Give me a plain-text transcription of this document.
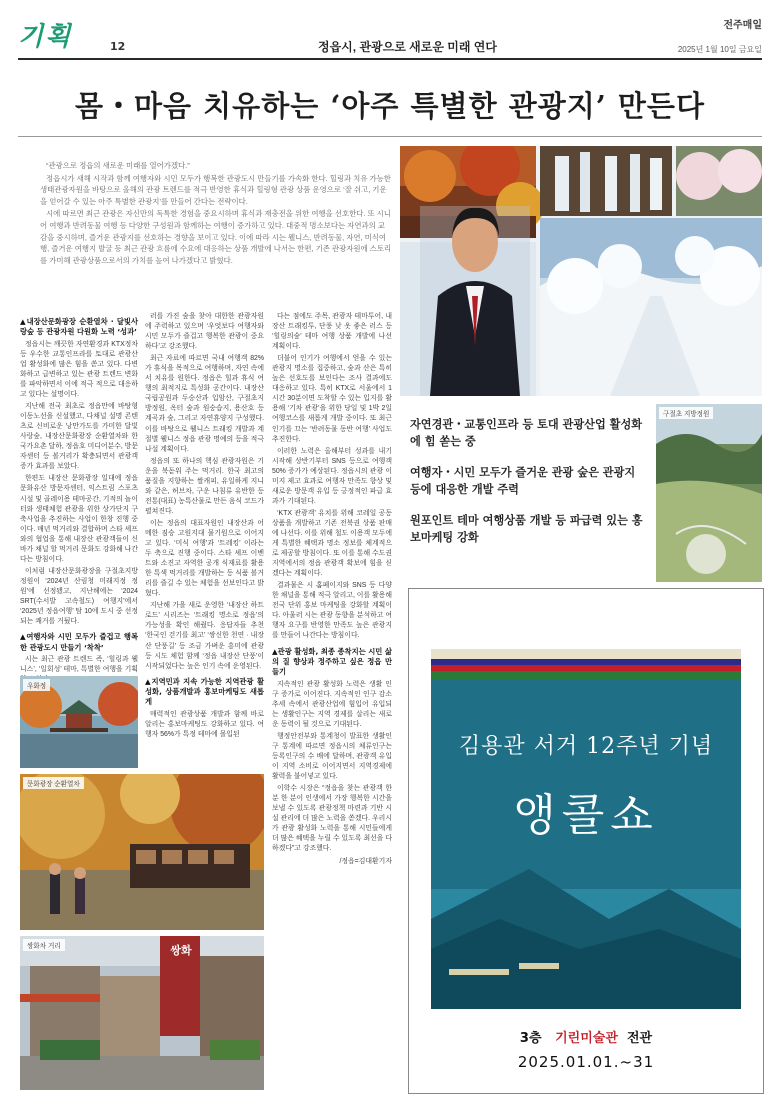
기획	12	정읍시, 관광으로 새로운 미래 연다
전주매일
2025년 1월 10일 금요일
몸・마음 치유하는 ‘아주 특별한 관광지’ 만든다

“관광으로 정읍의 새로운 미래를 열어가겠다.”

정읍시가 새해 시작과 함께 여행자와 시민 모두가 행복한 관광도시 만들기를 가속화 한다. 힐링과 치유 가능한 생태관광자원을 바탕으로 올해의 관광 트렌드를 적극 반영한 휴식과 힐링형 관광 상품 운영으로 ‘잘 쉬고, 기운을 얻어갈 수 있는 아주 특별한 관광지’를 만들어 간다는 전략이다.

시에 따르면 최근 관광은 자신만의 독특한 경험을 중요시하며 휴식과 재충전을 위한 여행을 선호한다. 또 시니어 여행과 반려동물 여행 등 다양한 구성원과 함께하는 여행이 증가하고 있다. 대중적 명소보다는 자연과의 교감을 중시하며, 즐거운 관광지를 선호하는 경향을 보이고 있다. 이에 따라 시는 웰니스, 반려동물, 자연, 미식여행, 즐거운 여행지 발굴 등 최근 관광 흐름에 수요에 대응하는 상품 개발에 나서는 한편, 기존 관광자원에 스토리를 가미해 관광상품으로서의 가치를 높여 나가겠다고 밝혔다.

▲내장산문화광장 순환열차・달빛사랑숲 등 관광자원 다원화 노력 ‘성과’

정읍시는 깨끗한 자연환경과 KTX정차 등 우수한 교통인프라를 토대로 관광산업 활성화에 많은 힘을 쏟고 있다. 다변화하고 급변하고 있는 관광 트렌드 변화를 파악하면서 이에 적극 적으로 대응하고 있다는 설명이다.

지난해 전국 최초로 정읍만에 바탕형 이동노선을 신설했고, 다채널 설명 콘텐츠로 신비로운 낭만가도를 가미한 달빛 사랑숲, 내장산문화광장 순환열차와 한국가요촌 달하, 정읍호 미디어분수, 방문자센터 등 볼거리가 확충되면서 관광객 증가 효과를 보았다.

한편도 내장산 문화광장 일대에 정읍문화유산 방문자센터, 익스트림 스포츠 시설 및 골레이용 테마공간, 기적의 놀이터와 생태체험 관광을 위한 상가단지 구축사업을 추진하는 사업이 한창 진행 중이다. 매년 먹거리와 결합하며 스타 셰프와의 협업을 통해 내장산 관광객들이 신바가 채널 할 먹거리 문화도 강화해 나간다는 방침이다.

이처럼 내장산문화광장을 구절초지방정원이 ‘2024년 산림청 미래지정 정원’에 선정됐고, 지난해에는 ‘2024 SRT(수서발 고속철도) 여행지’에서 ‘2025년 정읍여행’ 탐 10에 도시 중 선정되는 쾌거를 거뒀다.

▲여행자와 시민 모두가 즐겁고 행복한 관광도시 만들기 ‘착착’

시는 최근 관광 트렌드 즉, ‘힐링과 웰니스’, ‘일회성’ 테마, 특별한 여행을 기획

우화정
문화광장 순환열차
쌍화차 거리	쌍화

러를 가진 숲을 찾아 대한한 관광자원에 주력하고 있으며 ‘우엇보다 여행자와 시민 모두가 즐겁고 행복한 관광이 중요하다’고 강조했다.

최근 자료에 따르면 국내 여행객 82%가 휴식을 목적으로 여행하며, 자연 속에서 치유를 원한다. 정읍은 힐과 휴식 여행의 최적지로 특성화 공간이다. 내장산국립공원과 두승산과 입암산, 구절초지방정원, 옥터 숲과 원숭습지, 용산호 등 계곡과 숲, 그리고 자연휴양지 구성했다. 이를 바탕으로 웰니스 트래킹 개발과 계절별 웰니스 정읍 관광 명예의 등을 적극 나설 계획이다.

정읍의 또 하나의 핵심 관광자원은 기운을 북돋워 주는 먹거리. 한국 최고의 품질을 지향하는 쌀캐피, 유일하게 지니와 같은, 허브차, 구운 나침류 유반한 등 전통(대표) 농특산물로 만든 음식 코드가 펼쳐진다.

이는 정읍의 대표자원인 내장산과 어메한 짐승 고원지대 물기원으로 이어지고 있다. ‘미식 여행’과 ‘트레킹’ 이라는 두 축으로 진행 중이다. 스타 셰프 이벤트와 소진고 자역한 공개 식재료를 활용한 특색 먹거리를 개발하는 등 식품 볼거리를 즐길 수 있는 체험을 선보인다고 밝혔다.

지난해 가을 새로 운영한 ‘내장산 하트로드’ 시리즈는 ‘트래킹 명소로 정읍’의 가능성을 확인 해줬다. 응답자들 추천 ‘한국인 걷기를 최고’ ‘쌍신한 천연 · 내장산 단풍길’ 등 조금 가벼운 흥미에 관광 등 시도 체험 함께 ‘정읍 내장산 단풍’이 시작되었다는 높은 인기 속에 운영된다.

▲지역민과 지속 가능한 지역관광 활성화, 상품개발과 홍보마케팅도 새롭게

매력적인 관광상품 개발과 함께 바로 알리는 홍보마케팅도 강화하고 있다. 여행자 56%가 특정 테마에 몰입된

다는 점에도 주목, 관광자 테마투어, 내장산 트래킹투, 단풍 낮 옷 좋은 러스 등 ‘힐링의숲’ 테마 여행 상품 개발에 나선 계획이다.

더불어 인기가 여행에서 얻을 수 있는 관광지 명소를 집중하고, 숲과 산은 특히 높은 선호도를 보인다는 조사 결과에도 대응하고 있다. 특히 KTX로 서울에서 1시간 30분이면 도착할 수 있는 입지를 활용해 ‘기차 관광’을 위한 당일 및 1박 2일 여행코스를 새롭게 개발 중이다. 또 최근 인기를 끄는 ‘반려동물 동반 여행’ 사업도 추진한다.

이러한 노력은 올해부터 성과를 내기 시작해 상반기부터 SNS 등으로 여행객 50% 증가가 예상된다. 정읍시의 관광 이미지 제고 효과로 여행자 만족도 향상 및 새로운 방문객 유입 등 긍정적인 파급 효과가 기대된다.

‘KTX 관광객’ 유치를 위해 코레일 공동 상품을 개발하고 기존 전북권 상품 판매에 나선다. 이를 위해 철도 이용객 모두에게 특별한 혜택과 명소 정보를 체계적으로 제공할 방침이다. 또 이를 통해 수도권 지역에서의 정읍 관광객 확보에 힘을 싣겠다는 계획이다.

결과물은 시 홈페이지와 SNS 등 다양한 채널을 통해 적극 알리고, 이를 활용해 전국 단위 홍보 마케팅을 강화할 계획이다. 아울러 시는 관광 동향을 분석하고 여행자 요구를 반영한 만족도 높은 관광지를 만들어 나간다는 방침이다.

▲관광 활성화, 최종 종착지는 시민 삶의 질 향상과 정주하고 싶은 정읍 만들기

지속적인 관광 활성화 노력은 생활 인구 증가로 이어진다. 지속적인 인구 감소 추세 속에서 관광산업에 힘입어 유입되는 생활인구는 지역 경제를 살리는 새로운 동력이 될 것으로 기대된다.

행정안전부와 통계청이 발표한 생활인구 통계에 따르면 정읍시의 체류인구는 등록인구의 수 배에 달하며, 관광객 유입이 지역 소비로 이어지면서 지역경제에 활력을 불어넣고 있다.

이학수 시장은 “정읍을 찾는 관광객 한 분 한 분이 인생에서 가장 행복한 시간을 보낼 수 있도록 관광정책 마련과 기반 시설 관리에 더 많은 노력을 쏟겠다. 우리시가 관광 활성화 노력을 통해 시민들에게 더 많은 혜택을 누릴 수 있도록 최선을 다하겠다”고 강조했다.

/정읍=김대환기자

자연경관・교통인프라 등 토대 관광산업 활성화에 힘 쏟는 중

여행자・시민 모두가 즐거운 관광 숲은 관광지 등에 대응한 개발 주력

원포인트 테마 여행상품 개발 등 파급력 있는 홍보마케팅 강화

구절초 지방정원
김용관 서거 12주년 기념
앵콜쇼
3층 기린미술관 전관
2025.01.01.~31
